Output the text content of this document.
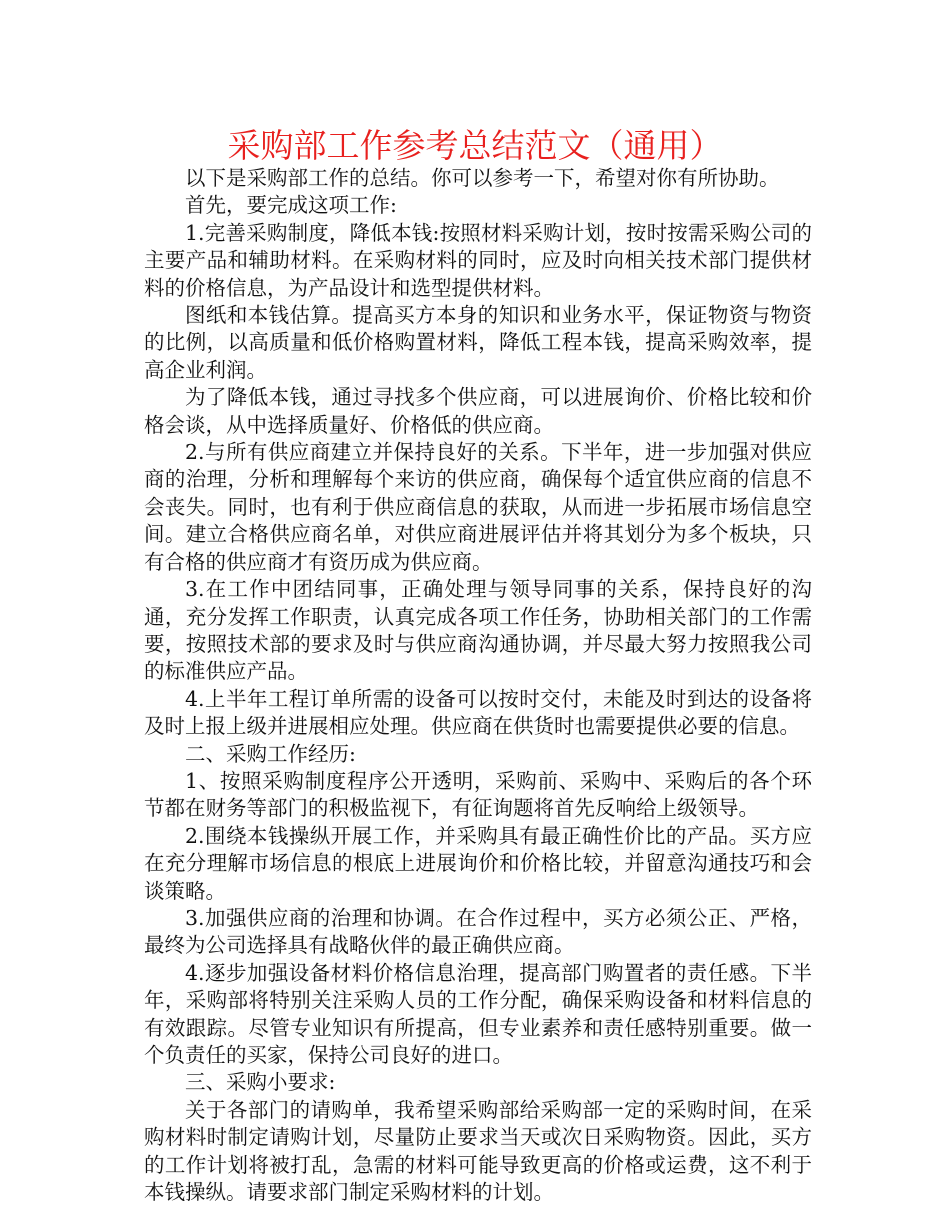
采购部工作参考总结范文（通用）

以下是采购部工作的总结。你可以参考一下，希望对你有所协助。

首先，要完成这项工作:

1.完善采购制度，降低本钱:按照材料采购计划，按时按需采购公司的主要产品和辅助材料。在采购材料的同时，应及时向相关技术部门提供材料的价格信息，为产品设计和选型提供材料。

图纸和本钱估算。提高买方本身的知识和业务水平，保证物资与物资的比例，以高质量和低价格购置材料，降低工程本钱，提高采购效率，提高企业利润。

为了降低本钱，通过寻找多个供应商，可以进展询价、价格比较和价格会谈，从中选择质量好、价格低的供应商。

2.与所有供应商建立并保持良好的关系。下半年，进一步加强对供应商的治理，分析和理解每个来访的供应商，确保每个适宜供应商的信息不会丧失。同时，也有利于供应商信息的获取，从而进一步拓展市场信息空间。建立合格供应商名单，对供应商进展评估并将其划分为多个板块，只有合格的供应商才有资历成为供应商。

3.在工作中团结同事，正确处理与领导同事的关系，保持良好的沟通，充分发挥工作职责，认真完成各项工作任务，协助相关部门的工作需要，按照技术部的要求及时与供应商沟通协调，并尽最大努力按照我公司的标准供应产品。

4.上半年工程订单所需的设备可以按时交付，未能及时到达的设备将及时上报上级并进展相应处理。供应商在供货时也需要提供必要的信息。

二、采购工作经历:

1、按照采购制度程序公开透明，采购前、采购中、采购后的各个环节都在财务等部门的积极监视下，有征询题将首先反响给上级领导。

2.围绕本钱操纵开展工作，并采购具有最正确性价比的产品。买方应在充分理解市场信息的根底上进展询价和价格比较，并留意沟通技巧和会谈策略。

3.加强供应商的治理和协调。在合作过程中，买方必须公正、严格，最终为公司选择具有战略伙伴的最正确供应商。

4.逐步加强设备材料价格信息治理，提高部门购置者的责任感。下半年，采购部将特别关注采购人员的工作分配，确保采购设备和材料信息的有效跟踪。尽管专业知识有所提高，但专业素养和责任感特别重要。做一个负责任的买家，保持公司良好的进口。

三、采购小要求:

关于各部门的请购单，我希望采购部给采购部一定的采购时间，在采购材料时制定请购计划，尽量防止要求当天或次日采购物资。因此，买方的工作计划将被打乱，急需的材料可能导致更高的价格或运费，这不利于本钱操纵。请要求部门制定采购材料的计划。
